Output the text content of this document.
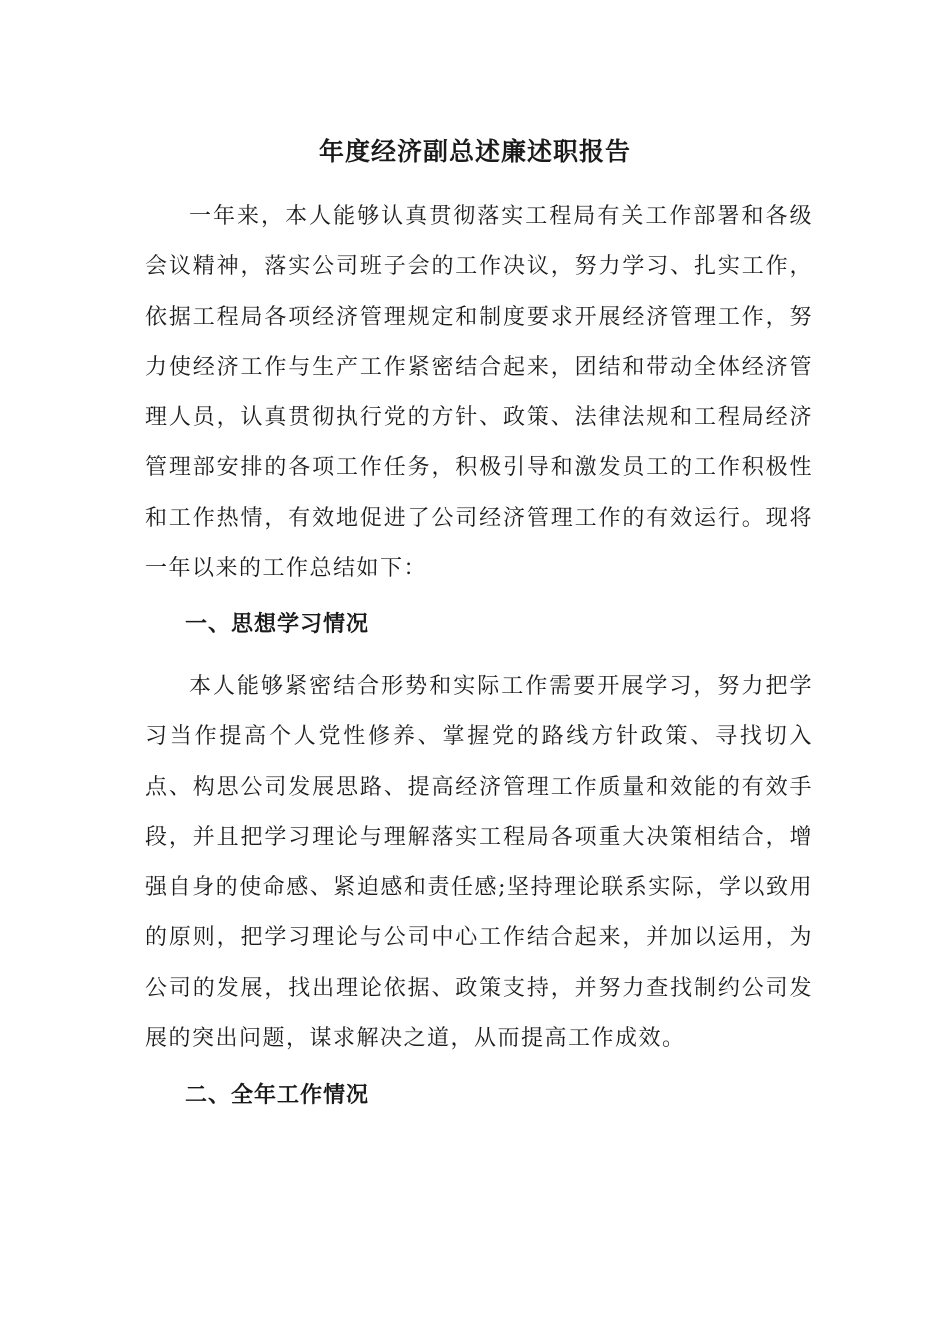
年度经济副总述廉述职报告

一年来，本人能够认真贯彻落实工程局有关工作部署和各级会议精神，落实公司班子会的工作决议，努力学习、扎实工作，依据工程局各项经济管理规定和制度要求开展经济管理工作，努力使经济工作与生产工作紧密结合起来，团结和带动全体经济管理人员，认真贯彻执行党的方针、政策、法律法规和工程局经济管理部安排的各项工作任务，积极引导和激发员工的工作积极性和工作热情，有效地促进了公司经济管理工作的有效运行。现将一年以来的工作总结如下：

一、思想学习情况

本人能够紧密结合形势和实际工作需要开展学习，努力把学习当作提高个人党性修养、掌握党的路线方针政策、寻找切入点、构思公司发展思路、提高经济管理工作质量和效能的有效手段，并且把学习理论与理解落实工程局各项重大决策相结合，增强自身的使命感、紧迫感和责任感;坚持理论联系实际，学以致用的原则，把学习理论与公司中心工作结合起来，并加以运用，为公司的发展，找出理论依据、政策支持，并努力查找制约公司发展的突出问题，谋求解决之道，从而提高工作成效。

二、全年工作情况
